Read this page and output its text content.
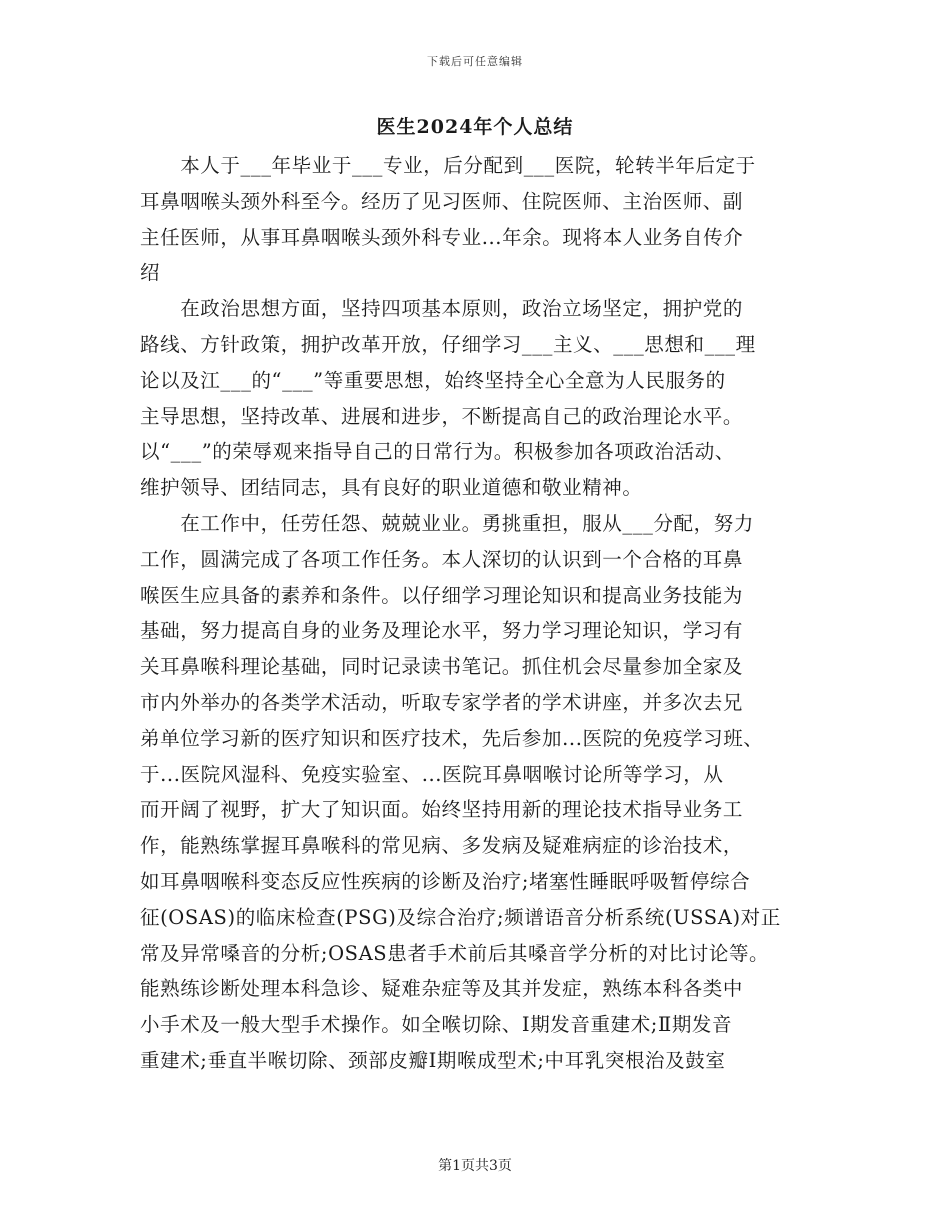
下载后可任意编辑
医生2024年个人总结
　　本人于___年毕业于___专业，后分配到___医院，轮转半年后定于
耳鼻咽喉头颈外科至今。经历了见习医师、住院医师、主治医师、副
主任医师，从事耳鼻咽喉头颈外科专业...年余。现将本人业务自传介
绍
　　在政治思想方面，坚持四项基本原则，政治立场坚定，拥护党的
路线、方针政策，拥护改革开放，仔细学习___主义、___思想和___理
论以及江___的“___”等重要思想，始终坚持全心全意为人民服务的
主导思想，坚持改革、进展和进步，不断提高自己的政治理论水平。
以“___”的荣辱观来指导自己的日常行为。积极参加各项政治活动、
维护领导、团结同志，具有良好的职业道德和敬业精神。
　　在工作中，任劳任怨、兢兢业业。勇挑重担，服从___分配，努力
工作，圆满完成了各项工作任务。本人深切的认识到一个合格的耳鼻
喉医生应具备的素养和条件。以仔细学习理论知识和提高业务技能为
基础，努力提高自身的业务及理论水平，努力学习理论知识，学习有
关耳鼻喉科理论基础，同时记录读书笔记。抓住机会尽量参加全家及
市内外举办的各类学术活动，听取专家学者的学术讲座，并多次去兄
弟单位学习新的医疗知识和医疗技术，先后参加...医院的免疫学习班、
于...医院风湿科、免疫实验室、...医院耳鼻咽喉讨论所等学习，从
而开阔了视野，扩大了知识面。始终坚持用新的理论技术指导业务工
作，能熟练掌握耳鼻喉科的常见病、多发病及疑难病症的诊治技术，
如耳鼻咽喉科变态反应性疾病的诊断及治疗;堵塞性睡眠呼吸暂停综合
征(OSAS)的临床检查(PSG)及综合治疗;频谱语音分析系统(USSA)对正
常及异常嗓音的分析;OSAS患者手术前后其嗓音学分析的对比讨论等。
能熟练诊断处理本科急诊、疑难杂症等及其并发症，熟练本科各类中
小手术及一般大型手术操作。如全喉切除、Ⅰ期发音重建术;Ⅱ期发音
重建术;垂直半喉切除、颈部皮瓣Ⅰ期喉成型术;中耳乳突根治及鼓室
第1页共3页
